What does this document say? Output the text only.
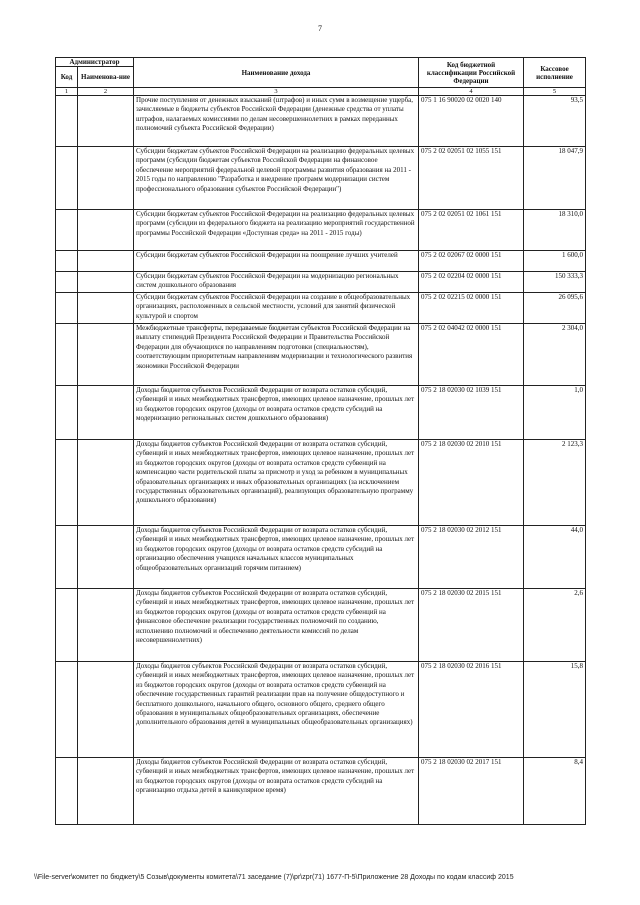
7
Администратор		Наименование дохода	Код бюджетной классификации Российской Федерации	Кассовое исполнение
Код	Наименова-ние			
1	2	3	4	5
		Прочие поступления от денежных взысканий (штрафов) и иных сумм в возмещение ущерба, зачисляемые в бюджеты субъектов Российской Федерации (денежные средства от уплаты штрафов, налагаемых комиссиями по делам несовершеннолетних в рамках переданных полномочий субъекта Российской Федерации)	075 1 16 90020 02 0020 140	93,5
		Субсидии бюджетам субъектов Российской Федерации на реализацию федеральных целевых программ (субсидии бюджетам субъектов Российской Федерации на финансовое обеспечение мероприятий федеральной целевой программы развития образования на 2011 - 2015 годы по направлению "Разработка и внедрение программ модернизации систем профессионального образования субъектов Российской Федерации")	075 2 02 02051 02 1055 151	18 047,9
		Субсидии бюджетам субъектов Российской Федерации на реализацию федеральных целевых программ (субсидии из федерального бюджета на реализацию мероприятий государственной программы Российской Федерации «Доступная среда» на 2011 - 2015 годы)	075 2 02 02051 02 1061 151	18 310,0
		Субсидии бюджетам субъектов Российской Федерации на поощрение лучших учителей	075 2 02 02067 02 0000 151	1 600,0
		Субсидии бюджетам субъектов Российской Федерации на модернизацию региональных систем дошкольного образования	075 2 02 02204 02 0000 151	150 333,3
		Субсидии бюджетам субъектов Российской Федерации на создание в общеобразовательных организациях, расположенных в сельской местности, условий для занятий физической культурой и спортом	075 2 02 02215 02 0000 151	26 095,6
		Межбюджетные трансферты, передаваемые бюджетам субъектов Российской Федерации на выплату стипендий Президента Российской Федерации и Правительства Российской Федерации для обучающихся по направлениям подготовки (специальностям), соответствующим приоритетным направлениям модернизации и технологического развития экономики Российской Федерации	075 2 02 04042 02 0000 151	2 304,0
		Доходы бюджетов субъектов Российской Федерации от возврата остатков субсидий, субвенций и иных межбюджетных трансфертов, имеющих целевое назначение, прошлых лет из бюджетов городских округов (доходы от возврата остатков средств субсидий на модернизацию региональных систем дошкольного образования)	075 2 18 02030 02 1039 151	1,0
		Доходы бюджетов субъектов Российской Федерации от возврата остатков субсидий, субвенций и иных межбюджетных трансфертов, имеющих целевое назначение, прошлых лет из бюджетов городских округов (доходы от возврата остатков средств субвенций на компенсацию части родительской платы за присмотр и уход за ребенком в муниципальных образовательных организациях и иных образовательных организациях (за исключением государственных образовательных организаций), реализующих образовательную программу дошкольного образования)	075 2 18 02030 02 2010 151	2 123,3
		Доходы бюджетов субъектов Российской Федерации от возврата остатков субсидий, субвенций и иных межбюджетных трансфертов, имеющих целевое назначение, прошлых лет из бюджетов городских округов (доходы от возврата остатков средств субсидий на организацию обеспечения учащихся начальных классов муниципальных общеобразовательных организаций горячим питанием)	075 2 18 02030 02 2012 151	44,0
		Доходы бюджетов субъектов Российской Федерации от возврата остатков субсидий, субвенций и иных межбюджетных трансфертов, имеющих целевое назначение, прошлых лет из бюджетов городских округов (доходы от возврата остатков средств субвенций на финансовое обеспечение реализации государственных полномочий по созданию, исполнению полномочий и обеспечению деятельности комиссий по делам несовершеннолетних)	075 2 18 02030 02 2015 151	2,6
		Доходы бюджетов субъектов Российской Федерации от возврата остатков субсидий, субвенций и иных межбюджетных трансфертов, имеющих целевое назначение, прошлых лет из бюджетов городских округов (доходы от возврата остатков средств субвенций на обеспечение государственных гарантий реализации прав на получение общедоступного и бесплатного дошкольного, начального общего, основного общего, среднего общего образования в муниципальных общеобразовательных организациях, обеспечение дополнительного образования детей в муниципальных общеобразовательных организациях)	075 2 18 02030 02 2016 151	15,8
		Доходы бюджетов субъектов Российской Федерации от возврата остатков субсидий, субвенций и иных межбюджетных трансфертов, имеющих целевое назначение, прошлых лет из бюджетов городских округов (доходы от возврата остатков средств субсидий на организацию отдыха детей в каникулярное время)	075 2 18 02030 02 2017 151	8,4
\\File-server\комитет по бюджету\5 Созыв\документы комитета\71 заседание (7)\pr\zpr(71) 1677-П-5\Приложение 28 Доходы по кодам классиф 2015
